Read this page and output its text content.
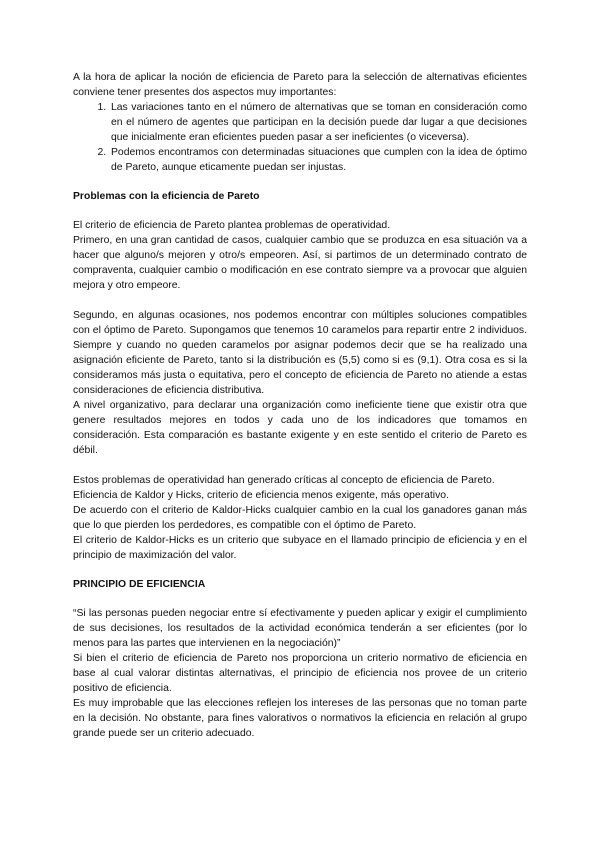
A la hora de aplicar la noción de eficiencia de Pareto para la selección de alternativas eficientes conviene tener presentes dos aspectos muy importantes:

1. Las variaciones tanto en el número de alternativas que se toman en consideración como en el número de agentes que participan en la decisión puede dar lugar a que decisiones que inicialmente eran eficientes pueden pasar a ser ineficientes (o viceversa).
2. Podemos encontramos con determinadas situaciones que cumplen con la idea de óptimo de Pareto, aunque eticamente puedan ser injustas.

Problemas con la eficiencia de Pareto

El criterio de eficiencia de Pareto plantea problemas de operatividad.

Primero, en una gran cantidad de casos, cualquier cambio que se produzca en esa situación va a hacer que alguno/s mejoren y otro/s empeoren. Así, si partimos de un determinado contrato de compraventa, cualquier cambio o modificación en ese contrato siempre va a provocar que alguien mejora y otro empeore.

Segundo, en algunas ocasiones, nos podemos encontrar con múltiples soluciones compatibles con el óptimo de Pareto. Supongamos que tenemos 10 caramelos para repartir entre 2 individuos. Siempre y cuando no queden caramelos por asignar podemos decir que se ha realizado una asignación eficiente de Pareto, tanto si la distribución es (5,5) como si es (9,1). Otra cosa es si la consideramos más justa o equitativa, pero el concepto de eficiencia de Pareto no atiende a estas consideraciones de eficiencia distributiva.

A nivel organizativo, para declarar una organización como ineficiente tiene que existir otra que genere resultados mejores en todos y cada uno de los indicadores que tomamos en consideración. Esta comparación es bastante exigente y en este sentido el criterio de Pareto es débil.

Estos problemas de operatividad han generado críticas al concepto de eficiencia de Pareto.

Eficiencia de Kaldor y Hicks, criterio de eficiencia menos exigente, más operativo.

De acuerdo con el criterio de Kaldor-Hicks cualquier cambio en la cual los ganadores ganan más que lo que pierden los perdedores, es compatible con el óptimo de Pareto.

El criterio de Kaldor-Hicks es un criterio que subyace en el llamado principio de eficiencia y en el principio de maximización del valor.

PRINCIPIO DE EFICIENCIA

“Si las personas pueden negociar entre sí efectivamente y pueden aplicar y exigir el cumplimiento de sus decisiones, los resultados de la actividad económica tenderán a ser eficientes (por lo menos para las partes que intervienen en la negociación)”

Si bien el criterio de eficiencia de Pareto nos proporciona un criterio normativo de eficiencia en base al cual valorar distintas alternativas, el principio de eficiencia nos provee de un criterio positivo de eficiencia.

Es muy improbable que las elecciones reflejen los intereses de las personas que no toman parte en la decisión. No obstante, para fines valorativos o normativos la eficiencia en relación al grupo grande puede ser un criterio adecuado.
